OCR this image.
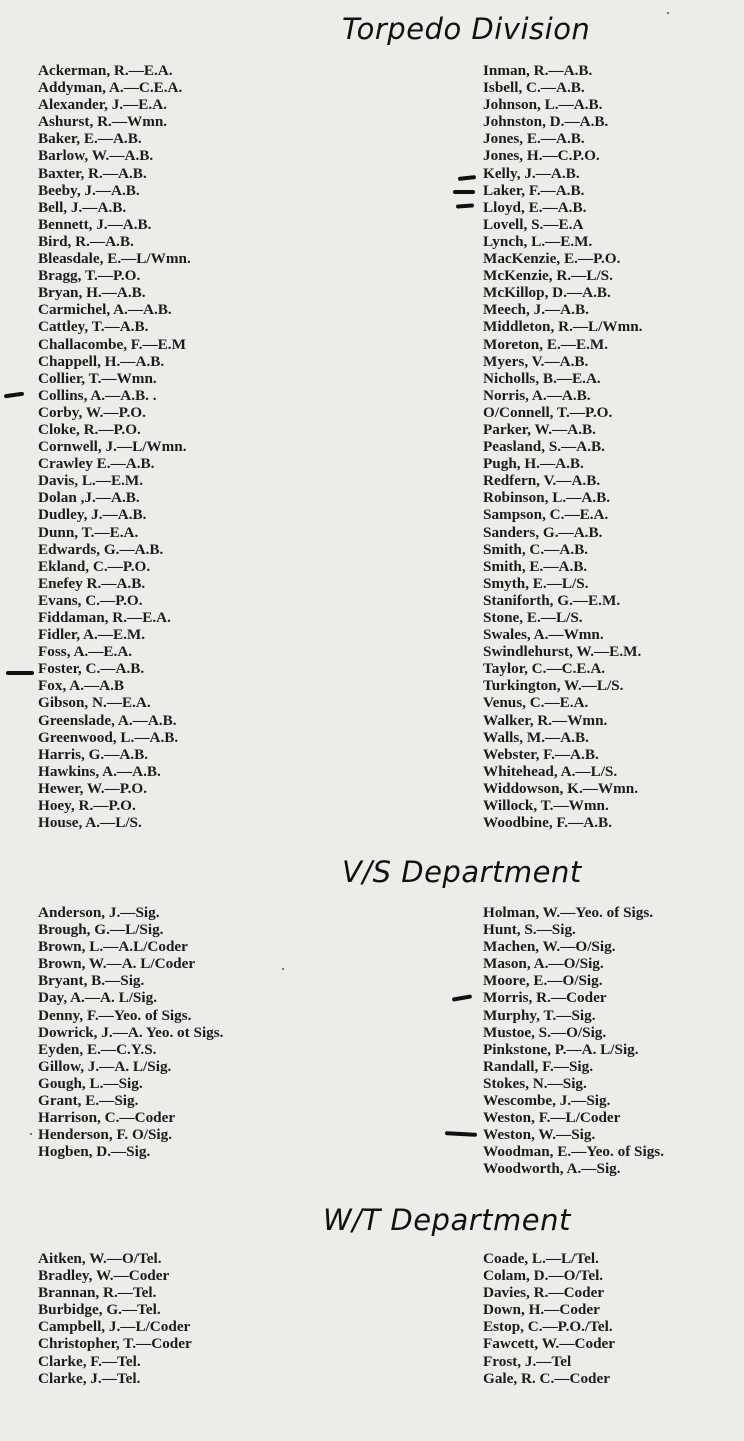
Torpedo Division
Ackerman, R.—E.A.
Addyman, A.—C.E.A.
Alexander, J.—E.A.
Ashurst, R.—Wmn.
Baker, E.—A.B.
Barlow, W.—A.B.
Baxter, R.—A.B.
Beeby, J.—A.B.
Bell, J.—A.B.
Bennett, J.—A.B.
Bird, R.—A.B.
Bleasdale, E.—L/Wmn.
Bragg, T.—P.O.
Bryan, H.—A.B.
Carmichel, A.—A.B.
Cattley, T.—A.B.
Challacombe, F.—E.M
Chappell, H.—A.B.
Collier, T.—Wmn.
Collins, A.—A.B. .
Corby, W.—P.O.
Cloke, R.—P.O.
Cornwell, J.—L/Wmn.
Crawley E.—A.B.
Davis, L.—E.M.
Dolan ,J.—A.B.
Dudley, J.—A.B.
Dunn, T.—E.A.
Edwards, G.—A.B.
Ekland, C.—P.O.
Enefey R.—A.B.
Evans, C.—P.O.
Fiddaman, R.—E.A.
Fidler, A.—E.M.
Foss, A.—E.A.
Foster, C.—A.B.
Fox, A.—A.B
Gibson, N.—E.A.
Greenslade, A.—A.B.
Greenwood, L.—A.B.
Harris, G.—A.B.
Hawkins, A.—A.B.
Hewer, W.—P.O.
Hoey, R.—P.O.
House, A.—L/S.
Inman, R.—A.B.
Isbell, C.—A.B.
Johnson, L.—A.B.
Johnston, D.—A.B.
Jones, E.—A.B.
Jones, H.—C.P.O.
Kelly, J.—A.B.
Laker, F.—A.B.
Lloyd, E.—A.B.
Lovell, S.—E.A
Lynch, L.—E.M.
MacKenzie, E.—P.O.
McKenzie, R.—L/S.
McKillop, D.—A.B.
Meech, J.—A.B.
Middleton, R.—L/Wmn.
Moreton, E.—E.M.
Myers, V.—A.B.
Nicholls, B.—E.A.
Norris, A.—A.B.
O/Connell, T.—P.O.
Parker, W.—A.B.
Peasland, S.—A.B.
Pugh, H.—A.B.
Redfern, V.—A.B.
Robinson, L.—A.B.
Sampson, C.—E.A.
Sanders, G.—A.B.
Smith, C.—A.B.
Smith, E.—A.B.
Smyth, E.—L/S.
Staniforth, G.—E.M.
Stone, E.—L/S.
Swales, A.—Wmn.
Swindlehurst, W.—E.M.
Taylor, C.—C.E.A.
Turkington, W.—L/S.
Venus, C.—E.A.
Walker, R.—Wmn.
Walls, M.—A.B.
Webster, F.—A.B.
Whitehead, A.—L/S.
Widdowson, K.—Wmn.
Willock, T.—Wmn.
Woodbine, F.—A.B.
V/S Department
Anderson, J.—Sig.
Brough, G.—L/Sig.
Brown, L.—A.L/Coder
Brown, W.—A. L/Coder
Bryant, B.—Sig.
Day, A.—A. L/Sig.
Denny, F.—Yeo. of Sigs.
Dowrick, J.—A. Yeo. ot Sigs.
Eyden, E.—C.Y.S.
Gillow, J.—A. L/Sig.
Gough, L.—Sig.
Grant, E.—Sig.
Harrison, C.—Coder
Henderson, F. O/Sig.
Hogben, D.—Sig.
Holman, W.—Yeo. of Sigs.
Hunt, S.—Sig.
Machen, W.—O/Sig.
Mason, A.—O/Sig.
Moore, E.—O/Sig.
Morris, R.—Coder
Murphy, T.—Sig.
Mustoe, S.—O/Sig.
Pinkstone, P.—A. L/Sig.
Randall, F.—Sig.
Stokes, N.—Sig.
Wescombe, J.—Sig.
Weston, F.—L/Coder
Weston, W.—Sig.
Woodman, E.—Yeo. of Sigs.
Woodworth, A.—Sig.
W/T Department
Aitken, W.—O/Tel.
Bradley, W.—Coder
Brannan, R.—Tel.
Burbidge, G.—Tel.
Campbell, J.—L/Coder
Christopher, T.—Coder
Clarke, F.—Tel.
Clarke, J.—Tel.
Coade, L.—L/Tel.
Colam, D.—O/Tel.
Davies, R.—Coder
Down, H.—Coder
Estop, C.—P.O./Tel.
Fawcett, W.—Coder
Frost, J.—Tel
Gale, R. C.—Coder
